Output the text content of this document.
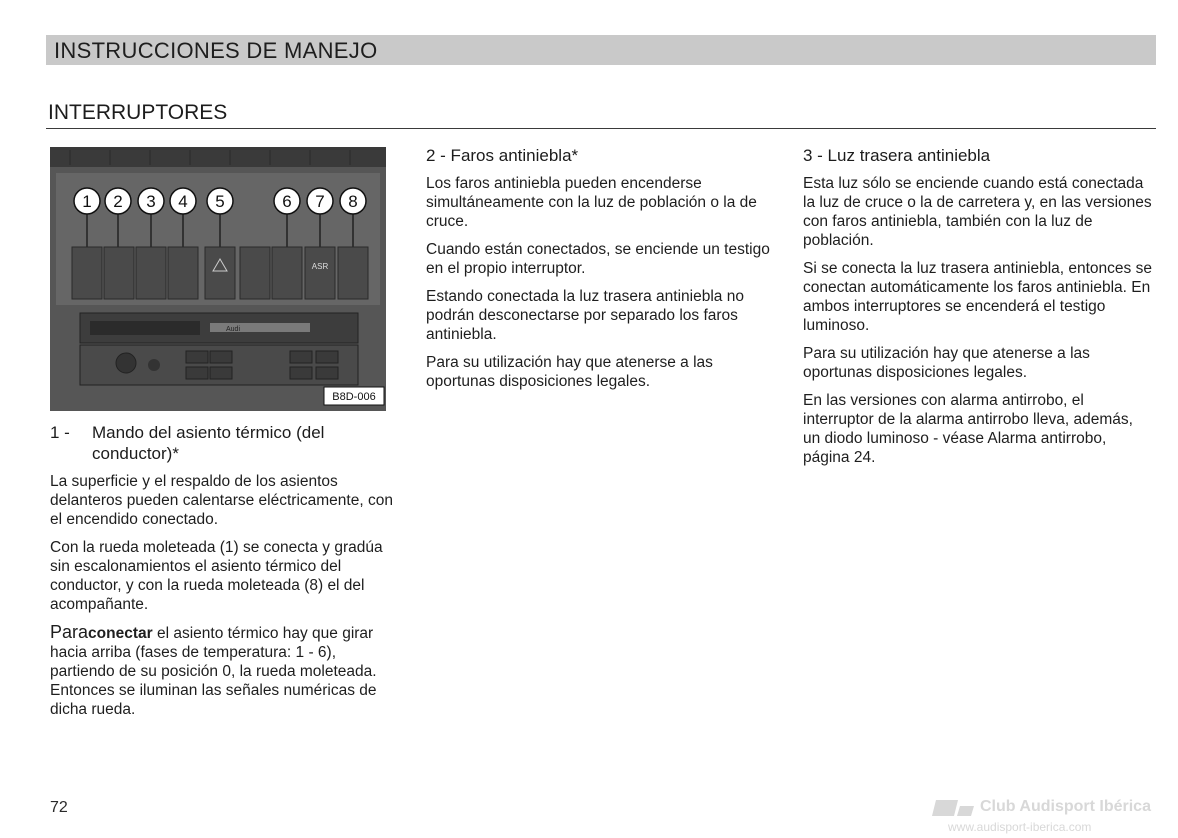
INSTRUCCIONES DE MANEJO
INTERRUPTORES
ASR
1 2 3 4 5	6 7 8
Audi
B8D-006
1 -	Mando del asiento térmico (del conductor)*

La superficie y el respaldo de los asientos delanteros pueden calentarse eléctricamente, con el encendido conectado.

Con la rueda moleteada (1) se conecta y gradúa sin escalonamientos el asiento térmico del conductor, y con la rueda moleteada (8) el del acompañante.

Paraconectar el asiento térmico hay que girar hacia arriba (fases de temperatura: 1 - 6), partiendo de su posición 0, la rueda moleteada. Entonces se iluminan las señales numéricas de dicha rueda.

2 - Faros antiniebla*

Los faros antiniebla pueden encenderse simultáneamente con la luz de población o la de cruce.

Cuando están conectados, se enciende un testigo en el propio interruptor.

Estando conectada la luz trasera antiniebla no podrán desconectarse por separado los faros antiniebla.

Para su utilización hay que atenerse a las oportunas disposiciones legales.

3 - Luz trasera antiniebla

Esta luz sólo se enciende cuando está conectada la luz de cruce o la de carretera y, en las versiones con faros antiniebla, también con la luz de población.

Si se conecta la luz trasera antiniebla, entonces se conectan automáticamente los faros antiniebla. En ambos interruptores se encenderá el testigo luminoso.

Para su utilización hay que atenerse a las oportunas disposiciones legales.

En las versiones con alarma antirrobo, el interruptor de la alarma antirrobo lleva, además, un diodo luminoso - véase Alarma antirrobo, página 24.

72	Club Audisport Ibérica
www.audisport-iberica.com
